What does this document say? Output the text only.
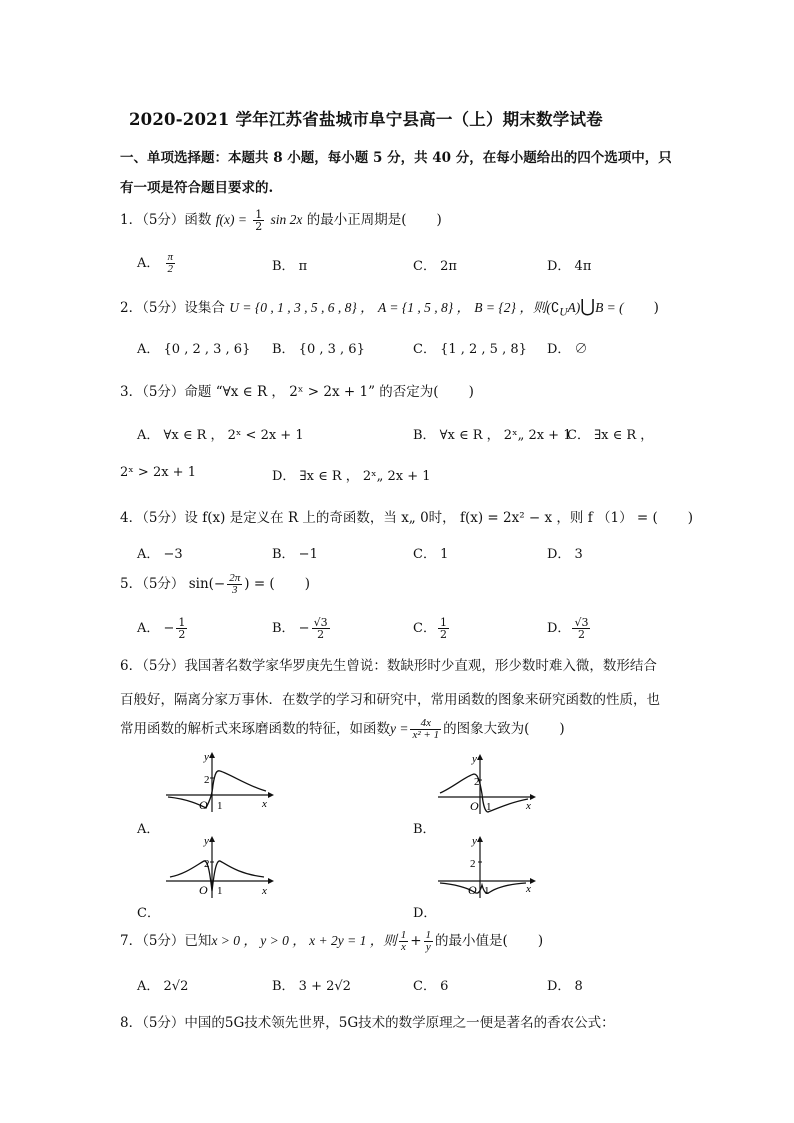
2020-2021 学年江苏省盐城市阜宁县高一（上）期末数学试卷
一、单项选择题：本题共 8 小题，每小题 5 分，共 40 分，在每小题给出的四个选项中，只
有一项是符合题目要求的.
1．（5分）函数 $f(x) = \frac{1}{2}$ sin 2x 的最小正周期是( )
A． $\frac{\pi}{2}$	B． π	C． 2π	D． 4π
2．（5分）设集合 U = {0 , 1 , 3 , 5 , 6 , 8} ， A = {1 , 5 , 8} ， B = {2} ，则$(∁_UA)⋃B$ = ( )
A． {0 , 2 , 3 , 6} B． {0 , 3 , 6}	C． {1 , 2 , 5 , 8} D． ∅
3．（5分）命题 “∀x ∈ R ， 2ˣ > 2x + 1” 的否定为( )
A． ∀x ∈ R ， 2ˣ < 2x + 1	B． ∀x ∈ R ， 2ˣ„ 2x + 1
C． ∃x ∈ R ，
2ˣ > 2x + 1	D． ∃x ∈ R ， 2ˣ„ 2x + 1
4．（5分）设 f(x) 是定义在 R 上的奇函数，当 x„ 0时， f(x) = 2x² − x ，则 f （1） = ( )
A． −3	B． −1	C． 1	D． 3
5．（5分） $\sin(- \frac{2\pi}{3}$ ) = ( )
A． − $\frac{1}{2}$	B． − $\frac{√3}{2}$	C． $\frac{1}{2}$	D． $\frac{√3}{2}$
6．（5分）我国著名数学家华罗庚先生曾说：数缺形时少直观，形少数时难入微，数形结合
百般好，隔离分家万事休．在数学的学习和研究中，常用函数的图象来研究函数的性质，也
常用函数的解析式来琢磨函数的特征，如函数$y = \frac{4x}{\text{x² + 1}}$ 的图象大致为( )
2
y
O 1	x
A．
2
y
O 1	x
B．
2
y
O 1	x
C．
2
y
O 1	x
D．
7．（5分）已知x > 0 ， y > 0 ， x + 2y = 1 ，则 $\frac{1}{x} + \frac{1}{y}$ 的最小值是( )
A． 2√2	B． 3 + 2√2	C． 6	D． 8
8．（5分）中国的5G技术领先世界，5G技术的数学原理之一便是著名的香农公式：
